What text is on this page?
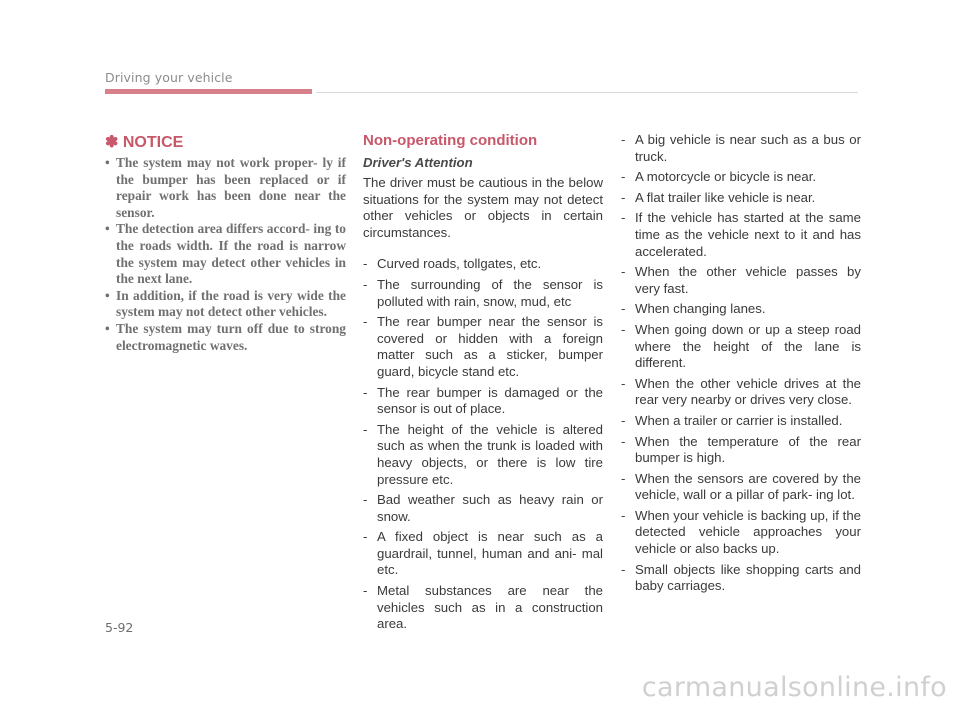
Driving your vehicle
✽ NOTICE
• The system may not work proper- ly if the bumper has been replaced or if repair work has been done near the sensor.
• The detection area differs accord- ing to the roads width. If the road is narrow the system may detect other vehicles in the next lane.
• In addition, if the road is very wide the system may not detect other vehicles.
• The system may turn off due to strong electromagnetic waves.
Non-operating condition
Driver's Attention

The driver must be cautious in the below situations for the system may not detect other vehicles or objects in certain circumstances.

- Curved roads, tollgates, etc.
- The surrounding of the sensor is polluted with rain, snow, mud, etc
- The rear bumper near the sensor is covered or hidden with a foreign matter such as a sticker, bumper guard, bicycle stand etc.
- The rear bumper is damaged or the sensor is out of place.
- The height of the vehicle is altered such as when the trunk is loaded with heavy objects, or there is low tire pressure etc.
- Bad weather such as heavy rain or snow.
- A fixed object is near such as a guardrail, tunnel, human and ani- mal etc.
- Metal substances are near the vehicles such as in a construction area.
- A big vehicle is near such as a bus or truck.
- A motorcycle or bicycle is near.
- A flat trailer like vehicle is near.
- If the vehicle has started at the same time as the vehicle next to it and has accelerated.
- When the other vehicle passes by very fast.
- When changing lanes.
- When going down or up a steep road where the height of the lane is different.
- When the other vehicle drives at the rear very nearby or drives very close.
- When a trailer or carrier is installed.
- When the temperature of the rear bumper is high.
- When the sensors are covered by the vehicle, wall or a pillar of park- ing lot.
- When your vehicle is backing up, if the detected vehicle approaches your vehicle or also backs up.
- Small objects like shopping carts and baby carriages.
5-92
carmanualsonline.info
